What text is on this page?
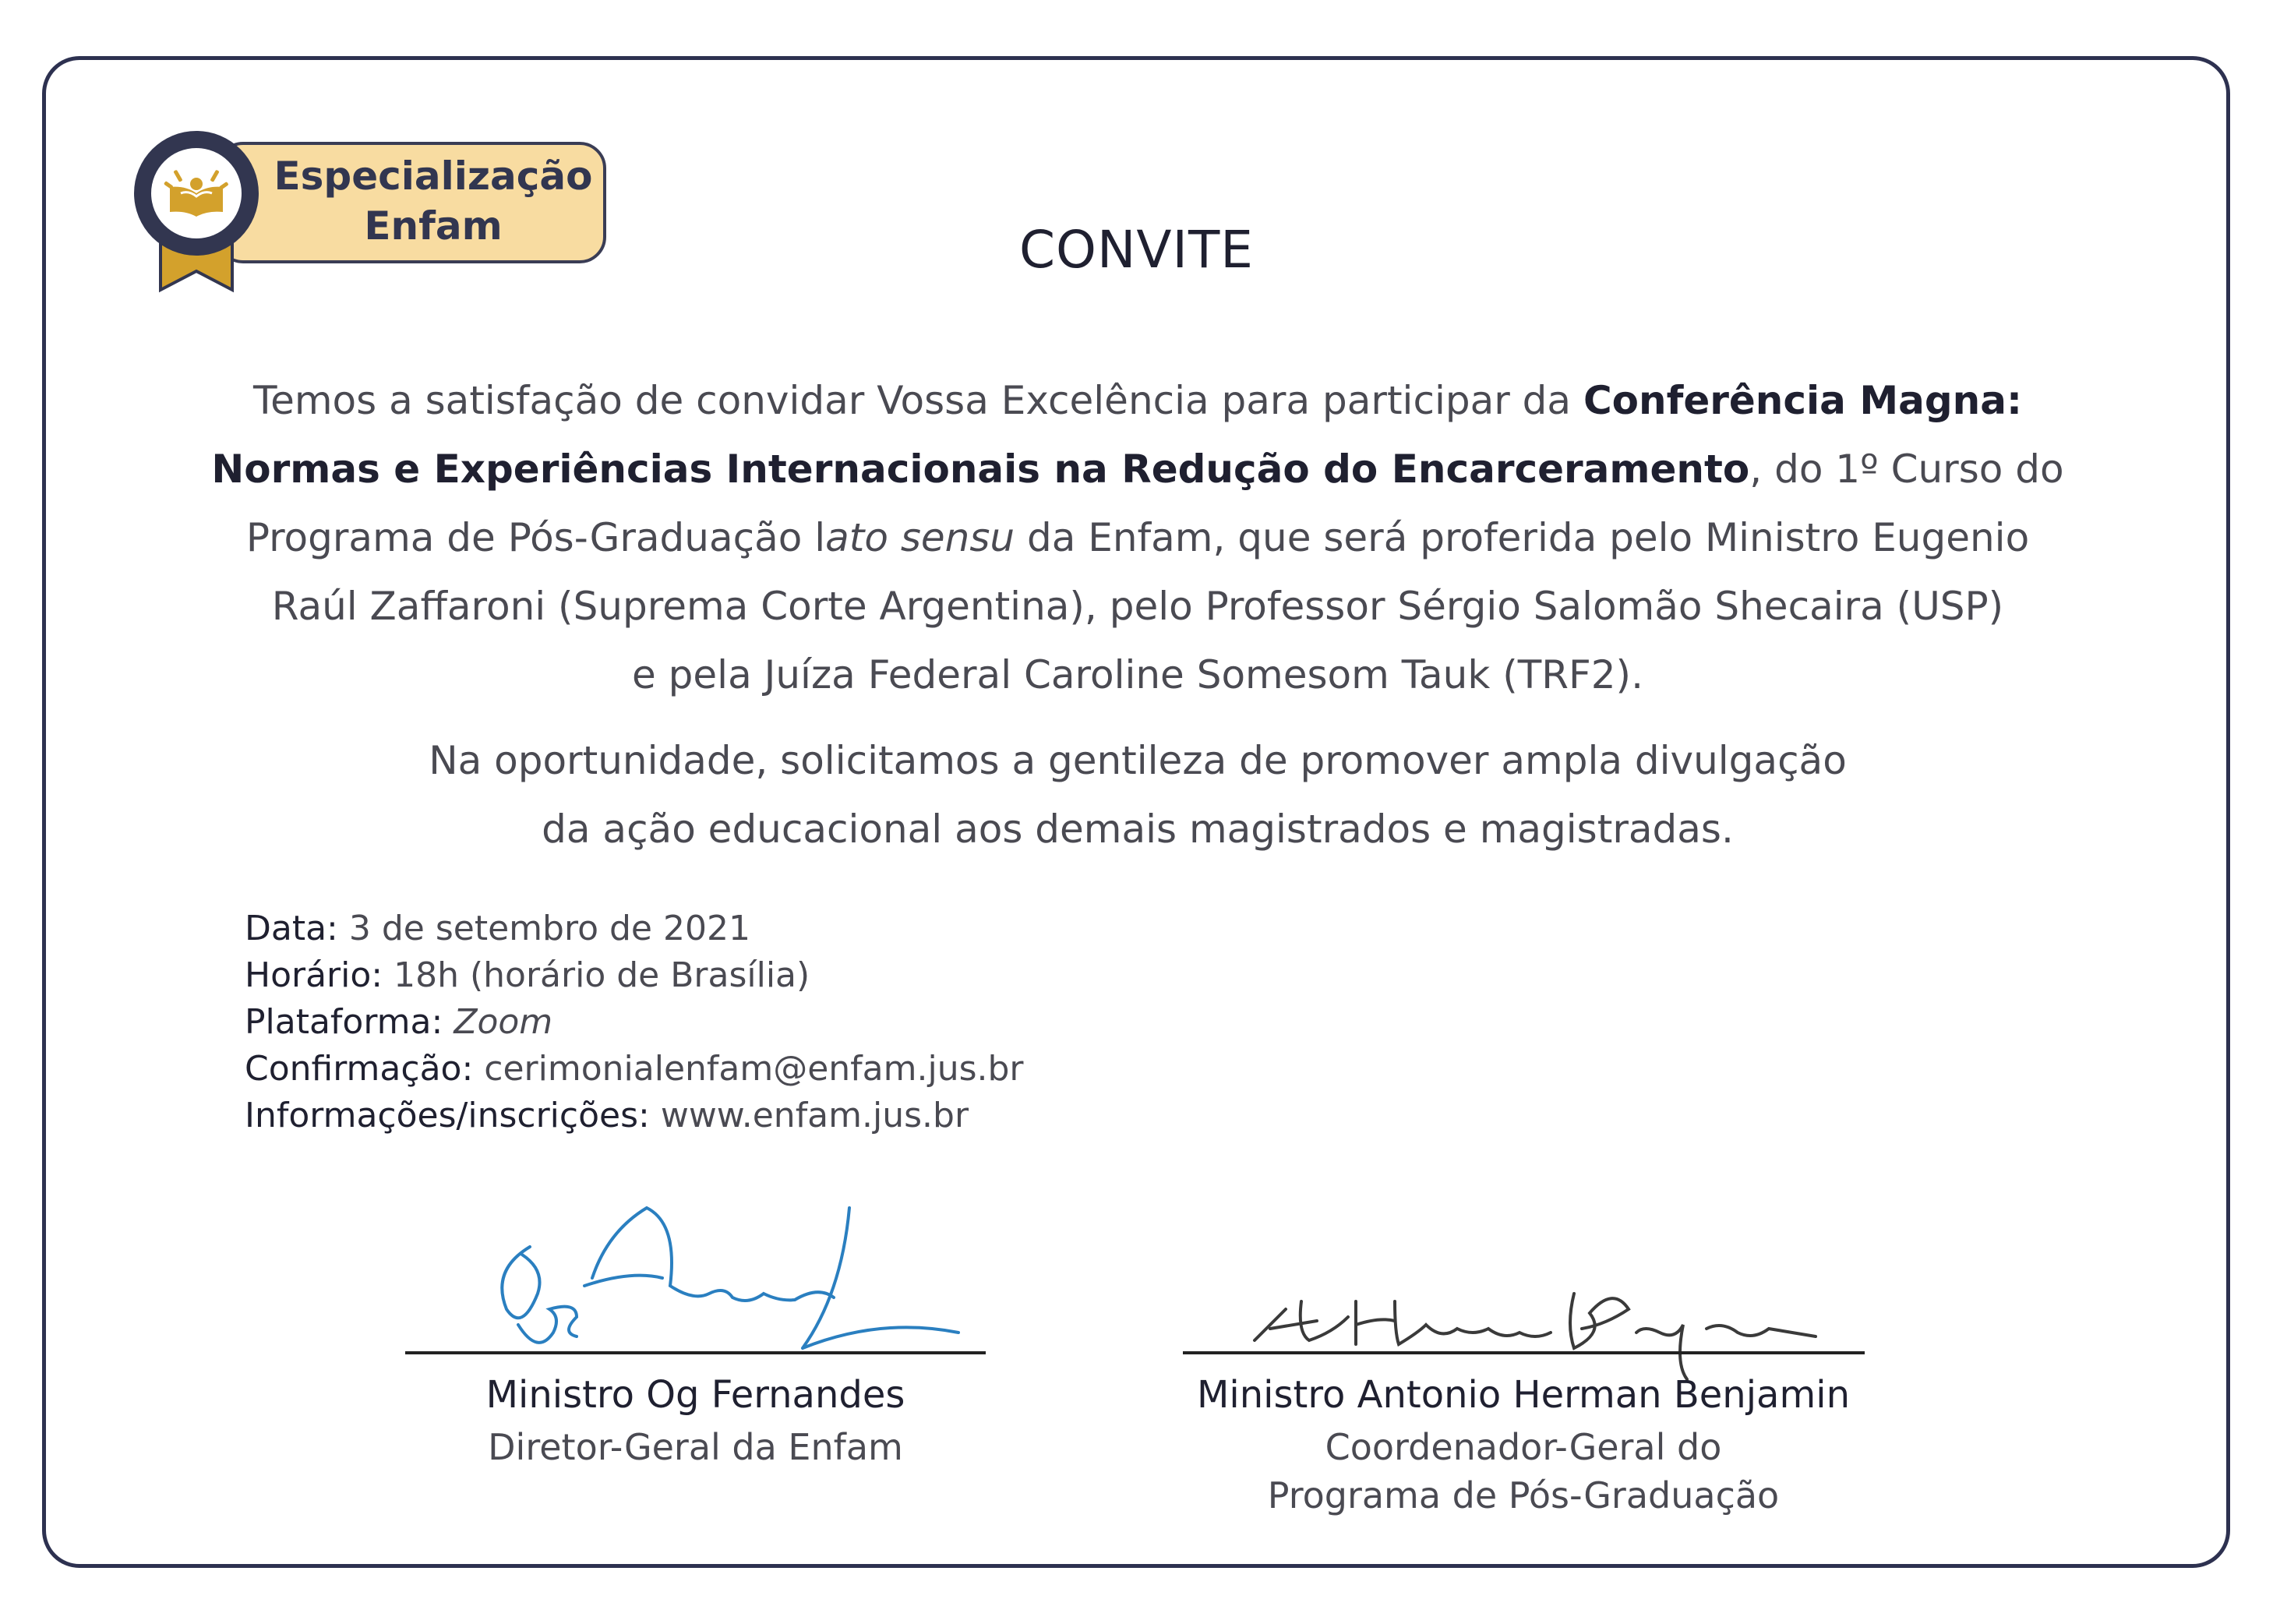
Especialização
Enfam	CONVITE
Temos a satisfação de convidar Vossa Excelência para participar da Conferência Magna:
Normas e Experiências Internacionais na Redução do Encarceramento, do 1º Curso do Programa de Pós-Graduação lato sensu da Enfam, que será proferida pelo Ministro Eugenio
Raúl Zaffaroni (Suprema Corte Argentina), pelo Professor Sérgio Salomão Shecaira (USP)
e pela Juíza Federal Caroline Somesom Tauk (TRF2).
Na oportunidade, solicitamos a gentileza de promover ampla divulgação
da ação educacional aos demais magistrados e magistradas.
Data: 3 de setembro de 2021
Horário: 18h (horário de Brasília)
Plataforma: Zoom
Confirmação: cerimonialenfam@enfam.jus.br
Informações/inscrições: www.enfam.jus.br
Ministro Og Fernandes
Diretor-Geral da Enfam
Ministro Antonio Herman Benjamin
Coordenador-Geral do
Programa de Pós-Graduação
